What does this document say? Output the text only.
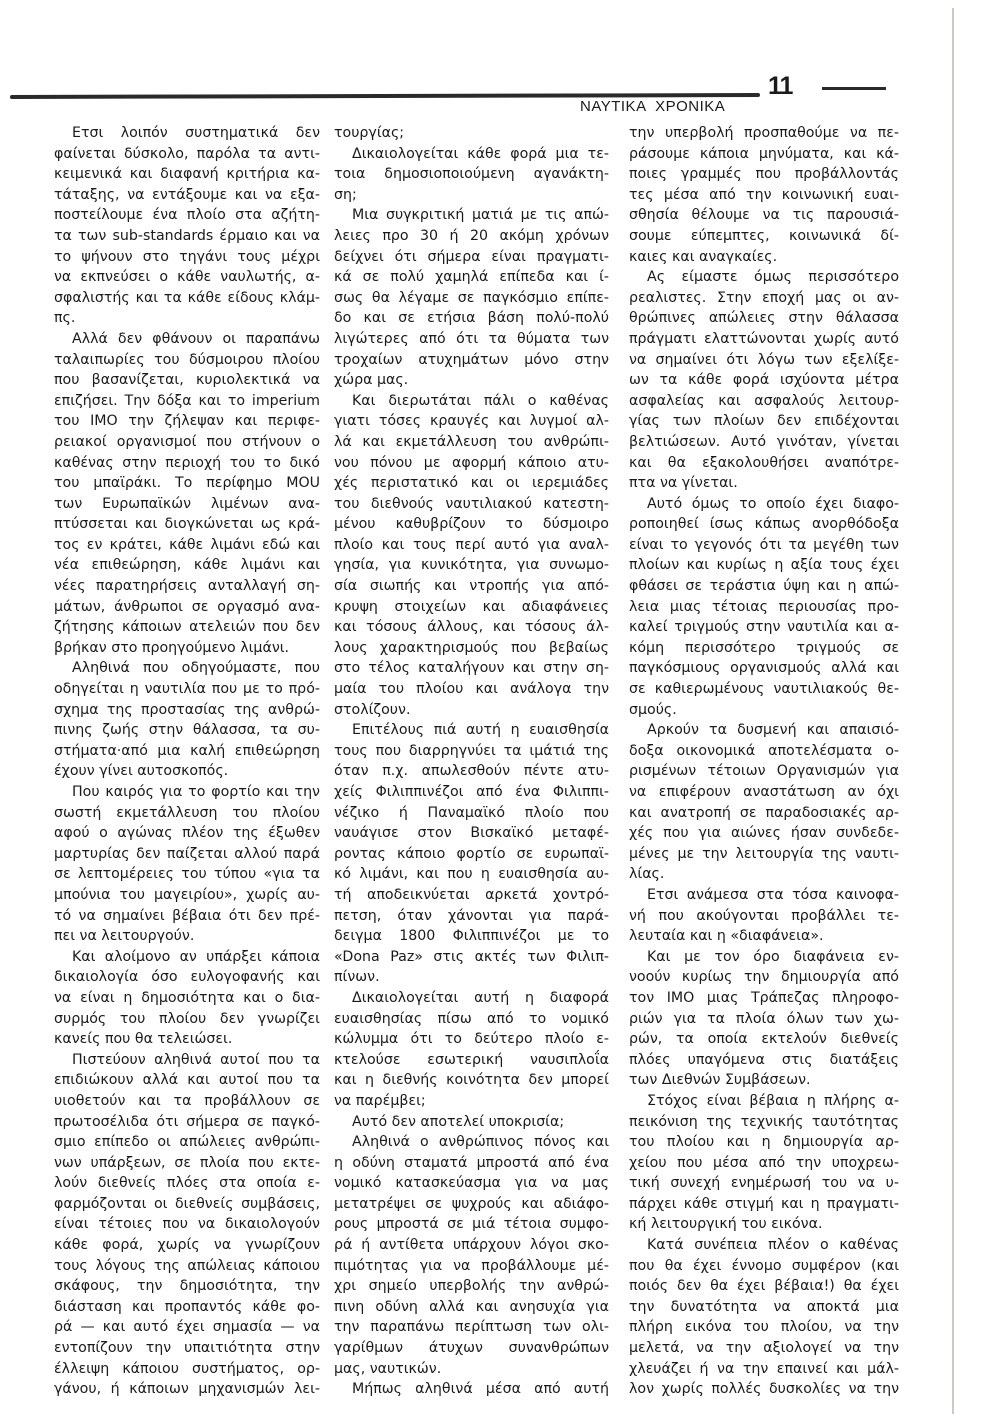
11
ΝΑΥΤΙΚΑ  ΧΡΟΝΙΚΑ
Ετσι λοιπόν συστηματικά δεν
φαίνεται δύσκολο, παρόλα τα αντι-
κειμενικά και διαφανή κριτήρια κα-
τάταξης, να εντάξουμε και να εξα-
ποστείλουμε ένα πλοίο στα αζήτη-
τα των sub-standards έρμαιο και να
το ψήνουν στο τηγάνι τους μέχρι
να εκπνεύσει ο κάθε ναυλωτής, α-
σφαλιστής και τα κάθε είδους κλάμ-
πς.
Αλλά δεν φθάνουν οι παραπάνω
ταλαιπωρίες του δύσμοιρου πλοίου
που βασανίζεται, κυριολεκτικά να
επιζήσει. Την δόξα και το imperium
του ΙΜΟ την ζήλεψαν και περιφε-
ρειακοί οργανισμοί που στήνουν ο
καθένας στην περιοχή του το δικό
του μπαϊράκι. Το περίφημο MOU
των Ευρωπαϊκών λιμένων ανα-
πτύσσεται και διογκώνεται ως κρά-
τος εν κράτει, κάθε λιμάνι εδώ και
νέα επιθεώρηση, κάθε λιμάνι και
νέες παρατηρήσεις ανταλλαγή ση-
μάτων, άνθρωποι σε οργασμό ανα-
ζήτησης κάποιων ατελειών που δεν
βρήκαν στο προηγούμενο λιμάνι.
Αληθινά που οδηγούμαστε, που
οδηγείται η ναυτιλία που με το πρό-
σχημα της προστασίας της ανθρώ-
πινης ζωής στην θάλασσα, τα συ-
στήματα·από μια καλή επιθεώρηση
έχουν γίνει αυτοσκοπός.
Που καιρός για το φορτίο και την
σωστή εκμετάλλευση του πλοίου
αφού ο αγώνας πλέον της έξωθεν
μαρτυρίας δεν παίζεται αλλού παρά
σε λεπτομέρειες του τύπου «για τα
μπούνια του μαγειρίου», χωρίς αυ-
τό να σημαίνει βέβαια ότι δεν πρέ-
πει να λειτουργούν.
Και αλοίμονο αν υπάρξει κάποια
δικαιολογία όσο ευλογοφανής και
να είναι η δημοσιότητα και ο δια-
συρμός του πλοίου δεν γνωρίζει
κανείς που θα τελειώσει.
Πιστεύουν αληθινά αυτοί που τα
επιδιώκουν αλλά και αυτοί που τα
υιοθετούν και τα προβάλλουν σε
πρωτοσέλιδα ότι σήμερα σε παγκό-
σμιο επίπεδο οι απώλειες ανθρώπι-
νων υπάρξεων, σε πλοία που εκτε-
λούν διεθνείς πλόες στα οποία ε-
φαρμόζονται οι διεθνείς συμβάσεις,
είναι τέτοιες που να δικαιολογούν
κάθε φορά, χωρίς να γνωρίζουν
τους λόγους της απώλειας κάποιου
σκάφους, την δημοσιότητα, την
διάσταση και προπαντός κάθε φο-
ρά — και αυτό έχει σημασία — να
εντοπίζουν την υπαιτιότητα στην
έλλειψη κάποιου συστήματος, ορ-
γάνου, ή κάποιων μηχανισμών λει-
τουργίας;
Δικαιολογείται κάθε φορά μια τε-
τοια δημοσιοποιούμενη αγανάκτη-
ση;
Μια συγκριτική ματιά με τις απώ-
λειες προ 30 ή 20 ακόμη χρόνων
δείχνει ότι σήμερα είναι πραγματι-
κά σε πολύ χαμηλά επίπεδα και ί-
σως θα λέγαμε σε παγκόσμιο επίπε-
δο και σε ετήσια βάση πολύ-πολύ
λιγώτερες από ότι τα θύματα των
τροχαίων ατυχημάτων μόνο στην
χώρα μας.
Και διερωτάται πάλι ο καθένας
γιατι τόσες κραυγές και λυγμοί αλ-
λά και εκμετάλλευση του ανθρώπι-
νου πόνου με αφορμή κάποιο ατυ-
χές περιστατικό και οι ιερεμιάδες
του διεθνούς ναυτιλιακού κατεστη-
μένου καθυβρίζουν το δύσμοιρο
πλοίο και τους περί αυτό για αναλ-
γησία, για κυνικότητα, για συνωμο-
σία σιωπής και ντροπής για από-
κρυψη στοιχείων και αδιαφάνειες
και τόσους άλλους, και τόσους άλ-
λους χαρακτηρισμούς που βεβαίως
στο τέλος καταλήγουν και στην ση-
μαία του πλοίου και ανάλογα την
στολίζουν.
Επιτέλους πιά αυτή η ευαισθησία
τους που διαρρηγνύει τα ιμάτιά της
όταν π.χ. απωλεσθούν πέντε ατυ-
χείς Φιλιππινέζοι από ένα Φιλιππι-
νέζικο ή Παναμαϊκό πλοίο που
ναυάγισε στον Βισκαϊκό μεταφέ-
ροντας κάποιο φορτίο σε ευρωπαϊ-
κό λιμάνι, και που η ευαισθησία αυ-
τή αποδεικνύεται αρκετά χοντρό-
πετση, όταν χάνονται για παρά-
δειγμα 1800 Φιλιππινέζοι με το
«Dona Paz» στις ακτές των Φιλιπ-
πίνων.
Δικαιολογείται αυτή η διαφορά
ευαισθησίας πίσω από το νομικό
κώλυμμα ότι το δεύτερο πλοίο ε-
κτελούσε εσωτερική ναυσιπλοΐα
και η διεθνής κοινότητα δεν μπορεί
να παρέμβει;
Αυτό δεν αποτελεί υποκρισία;
Αληθινά ο ανθρώπινος πόνος και
η οδύνη σταματά μπροστά από ένα
νομικό κατασκεύασμα για να μας
μετατρέψει σε ψυχρούς και αδιάφο-
ρους μπροστά σε μιά τέτοια συμφο-
ρά ή αντίθετα υπάρχουν λόγοι σκο-
πιμότητας για να προβάλλουμε μέ-
χρι σημείο υπερβολής την ανθρώ-
πινη οδύνη αλλά και ανησυχία για
την παραπάνω περίπτωση των ολι-
γαρίθμων άτυχων συνανθρώπων
μας, ναυτικών.
Μήπως αληθινά μέσα από αυτή
την υπερβολή προσπαθούμε να πε-
ράσουμε κάποια μηνύματα, και κά-
ποιες γραμμές που προβάλλοντάς
τες μέσα από την κοινωνική ευαι-
σθησία θέλουμε να τις παρουσιά-
σουμε εύπεμπτες, κοινωνικά δί-
καιες και αναγκαίες.
Ας είμαστε όμως περισσότερο
ρεαλιστες. Στην εποχή μας οι αν-
θρώπινες απώλειες στην θάλασσα
πράγματι ελαττώνονται χωρίς αυτό
να σημαίνει ότι λόγω των εξελίξε-
ων τα κάθε φορά ισχύοντα μέτρα
ασφαλείας και ασφαλούς λειτουρ-
γίας των πλοίων δεν επιδέχονται
βελτιώσεων. Αυτό γινόταν, γίνεται
και θα εξακολουθήσει αναπότρε-
πτα να γίνεται.
Αυτό όμως το οποίο έχει διαφο-
ροποιηθεί ίσως κάπως ανορθόδοξα
είναι το γεγονός ότι τα μεγέθη των
πλοίων και κυρίως η αξία τους έχει
φθάσει σε τεράστια ύψη και η απώ-
λεια μιας τέτοιας περιουσίας προ-
καλεί τριγμούς στην ναυτιλία και α-
κόμη περισσότερο τριγμούς σε
παγκόσμιους οργανισμούς αλλά και
σε καθιερωμένους ναυτιλιακούς θε-
σμούς.
Αρκούν τα δυσμενή και απαισιό-
δοξα οικονομικά αποτελέσματα ο-
ρισμένων τέτοιων Οργανισμών για
να επιφέρουν αναστάτωση αν όχι
και ανατροπή σε παραδοσιακές αρ-
χές που για αιώνες ήσαν συνδεδε-
μένες με την λειτουργία της ναυτι-
λίας.
Ετσι ανάμεσα στα τόσα καινοφα-
νή που ακούγονται προβάλλει τε-
λευταία και η «διαφάνεια».
Και με τον όρο διαφάνεια εν-
νοούν κυρίως την δημιουργία από
τον ΙΜΟ μιας Τράπεζας πληροφο-
ριών για τα πλοία όλων των χω-
ρών, τα οποία εκτελούν διεθνείς
πλόες υπαγόμενα στις διατάξεις
των Διεθνών Συμβάσεων.
Στόχος είναι βέβαια η πλήρης α-
πεικόνιση της τεχνικής ταυτότητας
του πλοίου και η δημιουργία αρ-
χείου που μέσα από την υποχρεω-
τική συνεχή ενημέρωσή του να υ-
πάρχει κάθε στιγμή και η πραγματι-
κή λειτουργική του εικόνα.
Κατά συνέπεια πλέον ο καθένας
που θα έχει έννομο συμφέρον (και
ποιός δεν θα έχει βέβαια!) θα έχει
την δυνατότητα να αποκτά μια
πλήρη εικόνα του πλοίου, να την
μελετά, να την αξιολογεί να την
χλευάζει ή να την επαινεί και μάλ-
λον χωρίς πολλές δυσκολίες να την
